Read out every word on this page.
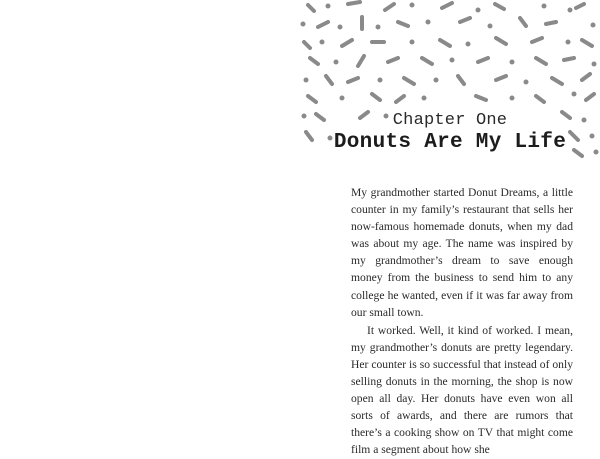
Chapter One
Donuts Are My Life

My grandmother started Donut Dreams, a little counter in my family’s restaurant that sells her now-famous homemade donuts, when my dad was about my age. The name was inspired by my grandmother’s dream to save enough money from the business to send him to any college he wanted, even if it was far away from our small town.

It worked. Well, it kind of worked. I mean, my grandmother’s donuts are pretty legendary. Her counter is so successful that instead of only selling donuts in the morning, the shop is now open all day. Her donuts have even won all sorts of awards, and there are rumors that there’s a cooking show on TV that might come film a segment about how she
